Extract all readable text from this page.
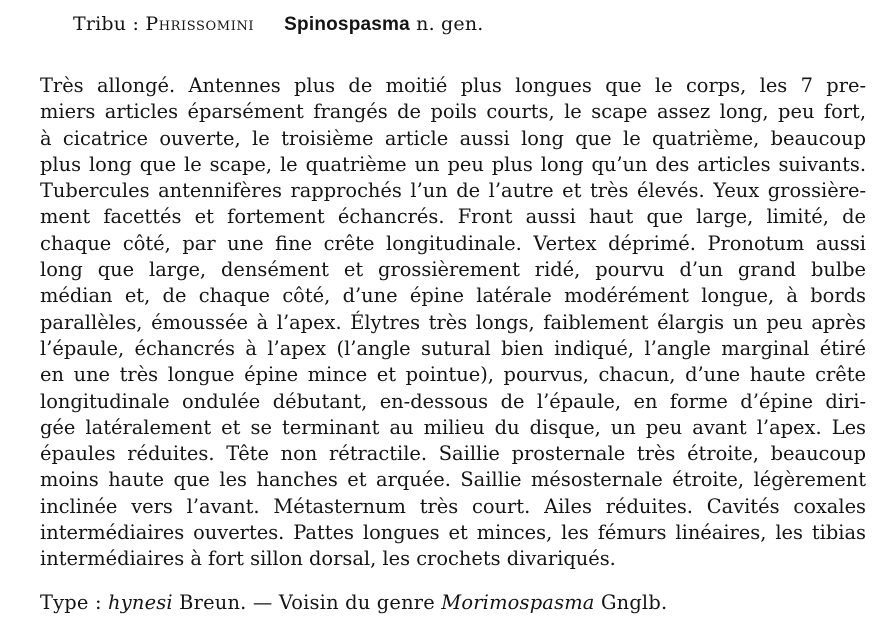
Tribu : Phrissomini Spinospasma n. gen.
Très allongé. Antennes plus de moitié plus longues que le corps, les 7 pre-
miers articles éparsément frangés de poils courts, le scape assez long, peu fort,
à cicatrice ouverte, le troisième article aussi long que le quatrième, beaucoup
plus long que le scape, le quatrième un peu plus long qu’un des articles suivants.
Tubercules antennifères rapprochés l’un de l’autre et très élevés. Yeux grossière-
ment facettés et fortement échancrés. Front aussi haut que large, limité, de
chaque côté, par une fine crête longitudinale. Vertex déprimé. Pronotum aussi
long que large, densément et grossièrement ridé, pourvu d’un grand bulbe
médian et, de chaque côté, d’une épine latérale modérément longue, à bords
parallèles, émoussée à l’apex. Élytres très longs, faiblement élargis un peu après
l’épaule, échancrés à l’apex (l’angle sutural bien indiqué, l’angle marginal étiré
en une très longue épine mince et pointue), pourvus, chacun, d’une haute crête
longitudinale ondulée débutant, en-dessous de l’épaule, en forme d’épine diri-
gée latéralement et se terminant au milieu du disque, un peu avant l’apex. Les
épaules réduites. Tête non rétractile. Saillie prosternale très étroite, beaucoup
moins haute que les hanches et arquée. Saillie mésosternale étroite, légèrement
inclinée vers l’avant. Métasternum très court. Ailes réduites. Cavités coxales
intermédiaires ouvertes. Pattes longues et minces, les fémurs linéaires, les tibias
intermédiaires à fort sillon dorsal, les crochets divariqués.
Type : hynesi Breun. — Voisin du genre Morimospasma Gnglb.
